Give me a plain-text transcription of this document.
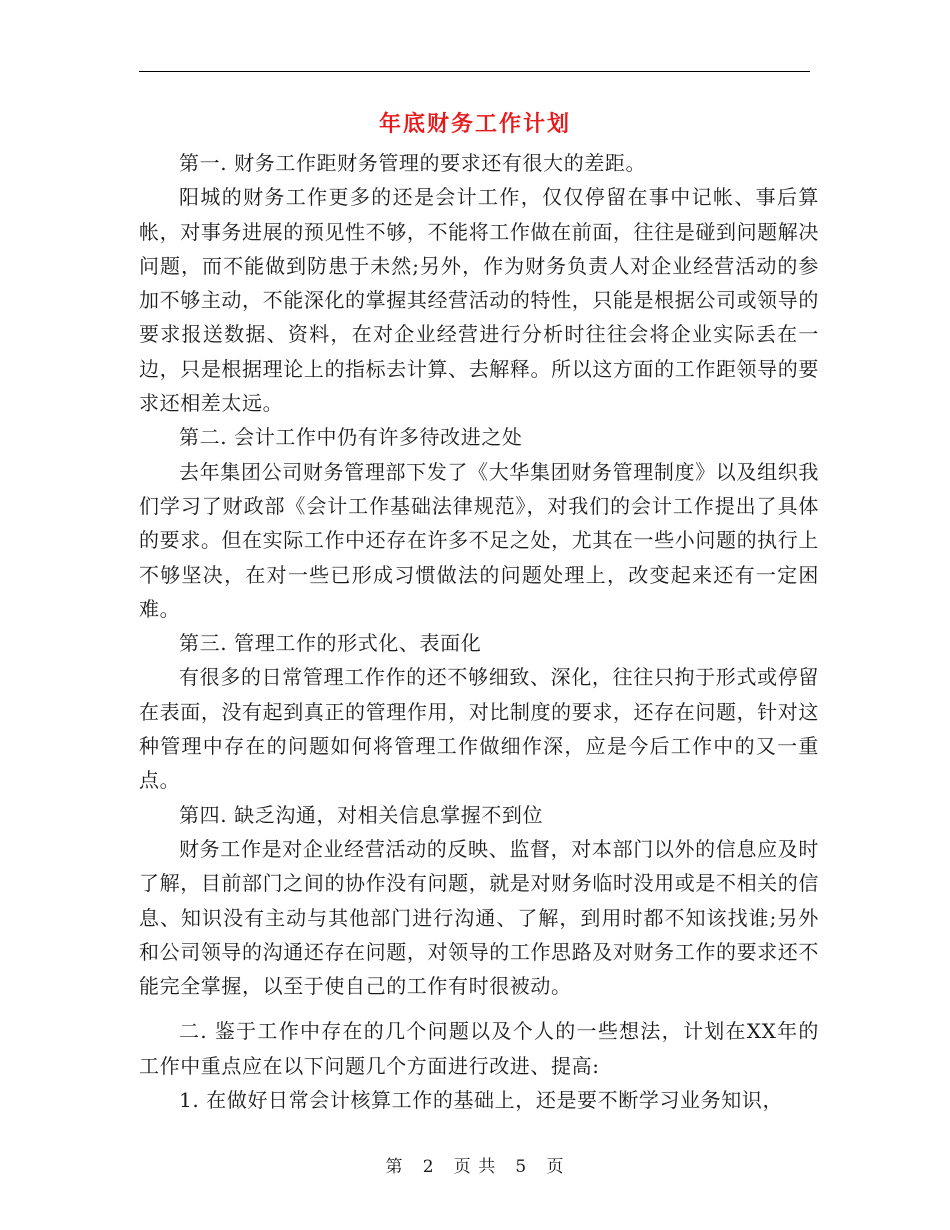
年底财务工作计划

第一. 财务工作距财务管理的要求还有很大的差距。

阳城的财务工作更多的还是会计工作，仅仅停留在事中记帐、事后算帐，对事务进展的预见性不够，不能将工作做在前面，往往是碰到问题解决问题，而不能做到防患于未然;另外，作为财务负责人对企业经营活动的参加不够主动，不能深化的掌握其经营活动的特性，只能是根据公司或领导的要求报送数据、资料，在对企业经营进行分析时往往会将企业实际丢在一边，只是根据理论上的指标去计算、去解释。所以这方面的工作距领导的要求还相差太远。

第二. 会计工作中仍有许多待改进之处

去年集团公司财务管理部下发了《大华集团财务管理制度》以及组织我们学习了财政部《会计工作基础法律规范》，对我们的会计工作提出了具体的要求。但在实际工作中还存在许多不足之处，尤其在一些小问题的执行上不够坚决，在对一些已形成习惯做法的问题处理上，改变起来还有一定困难。

第三. 管理工作的形式化、表面化

有很多的日常管理工作作的还不够细致、深化，往往只拘于形式或停留在表面，没有起到真正的管理作用，对比制度的要求，还存在问题，针对这种管理中存在的问题如何将管理工作做细作深，应是今后工作中的又一重点。

第四. 缺乏沟通，对相关信息掌握不到位

财务工作是对企业经营活动的反映、监督，对本部门以外的信息应及时了解，目前部门之间的协作没有问题，就是对财务临时没用或是不相关的信息、知识没有主动与其他部门进行沟通、了解，到用时都不知该找谁;另外和公司领导的沟通还存在问题，对领导的工作思路及对财务工作的要求还不能完全掌握，以至于使自己的工作有时很被动。

二. 鉴于工作中存在的几个问题以及个人的一些想法，计划在XX年的工作中重点应在以下问题几个方面进行改进、提高:

1. 在做好日常会计核算工作的基础上，还是要不断学习业务知识，

第 2 页 共 5 页
